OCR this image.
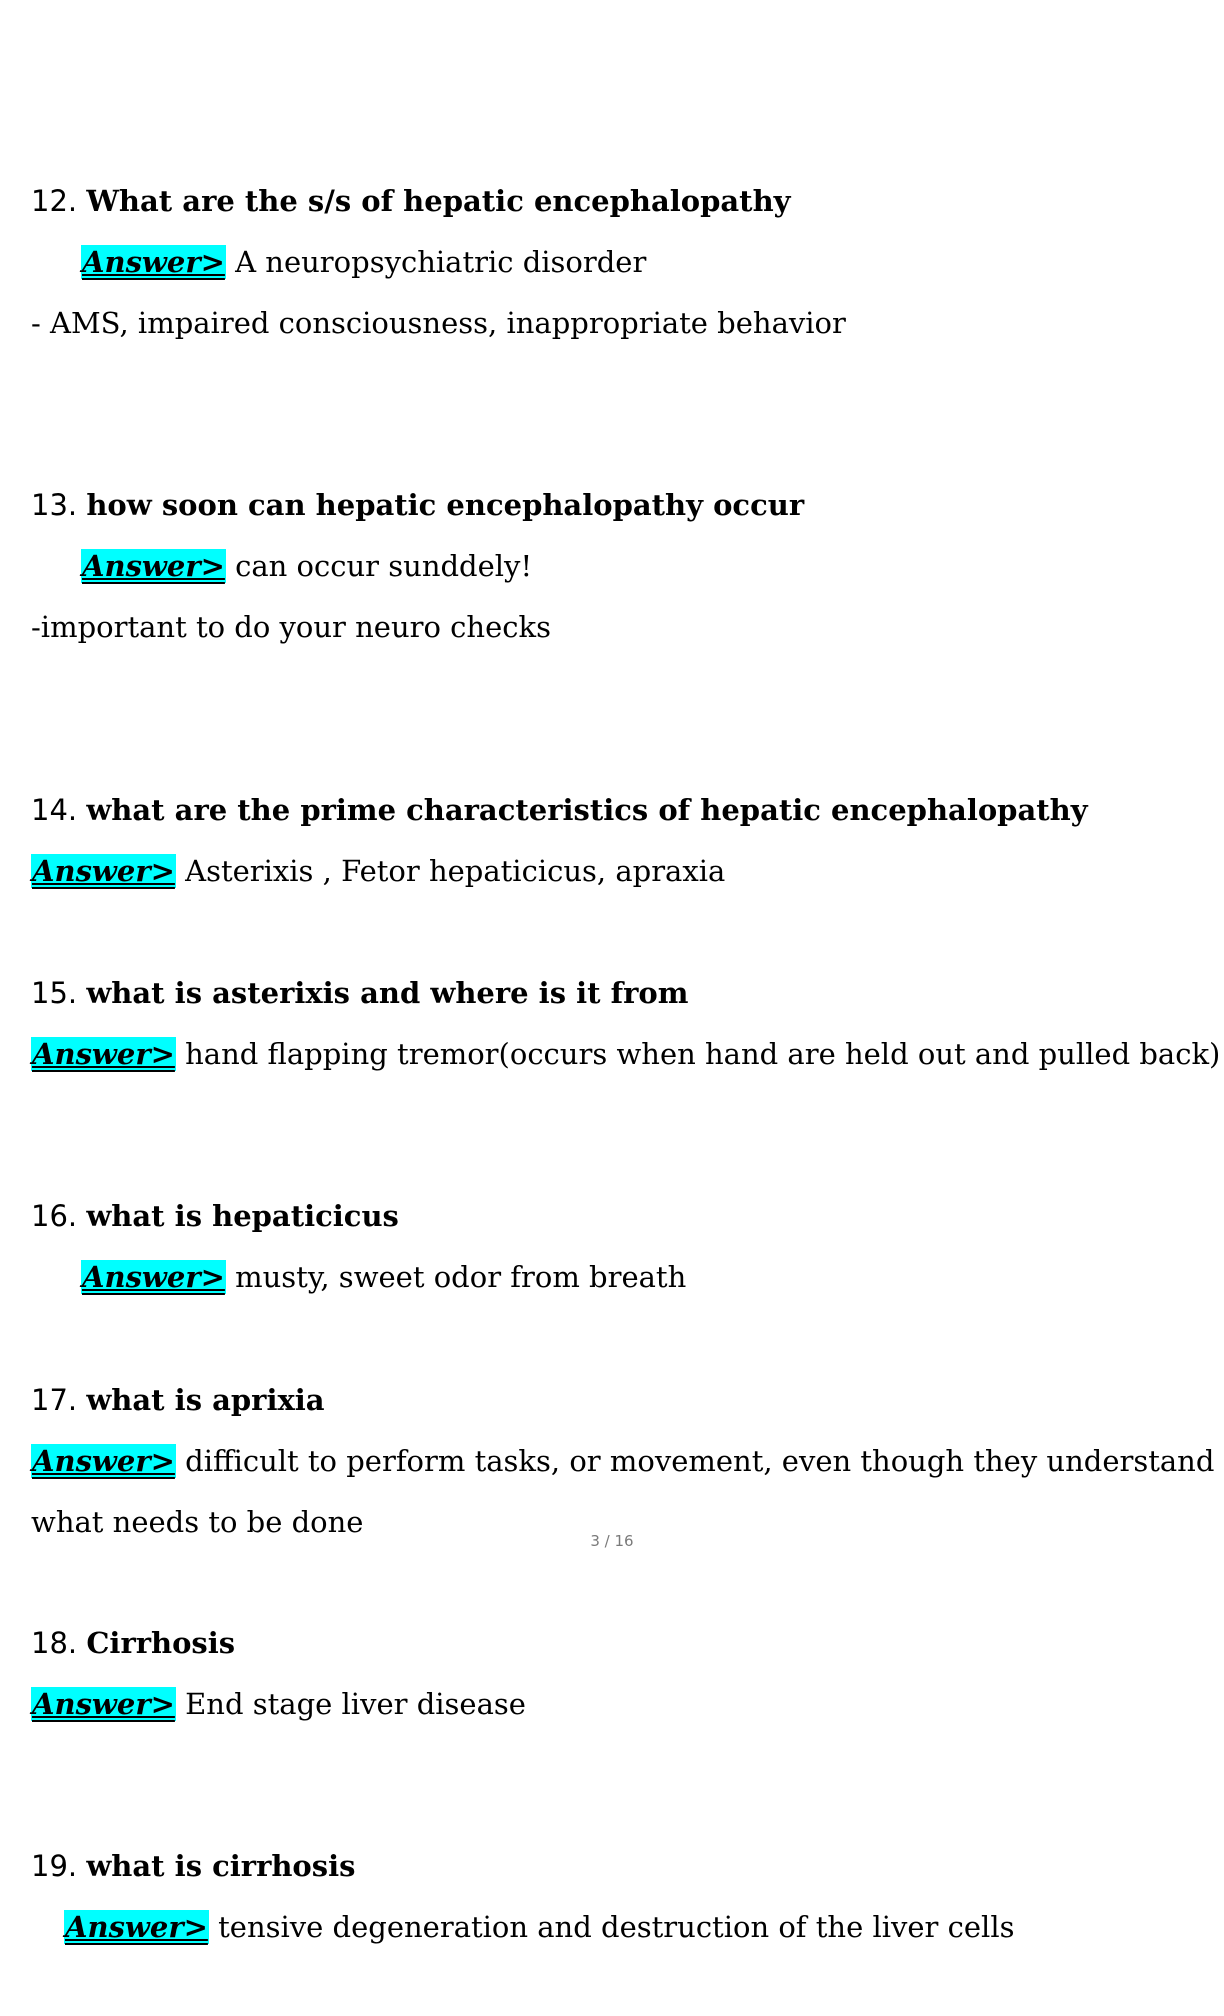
12. What are the s/s of hepatic encephalopathy
Answer> A neuropsychiatric disorder
- AMS, impaired consciousness, inappropriate behavior
13. how soon can hepatic encephalopathy occur
Answer> can occur sunddely!
-important to do your neuro checks
14. what are the prime characteristics of hepatic encephalopathy
Answer> Asterixis , Fetor hepaticicus, apraxia
15. what is asterixis and where is it from
Answer> hand flapping tremor(occurs when hand are held out and pulled back)
16. what is hepaticicus
Answer> musty, sweet odor from breath
17. what is aprixia
Answer> difficult to perform tasks, or movement, even though they understand
what needs to be done
3 / 16
18. Cirrhosis
Answer> End stage liver disease
19. what is cirrhosis
Answer> tensive degeneration and destruction of the liver cells
